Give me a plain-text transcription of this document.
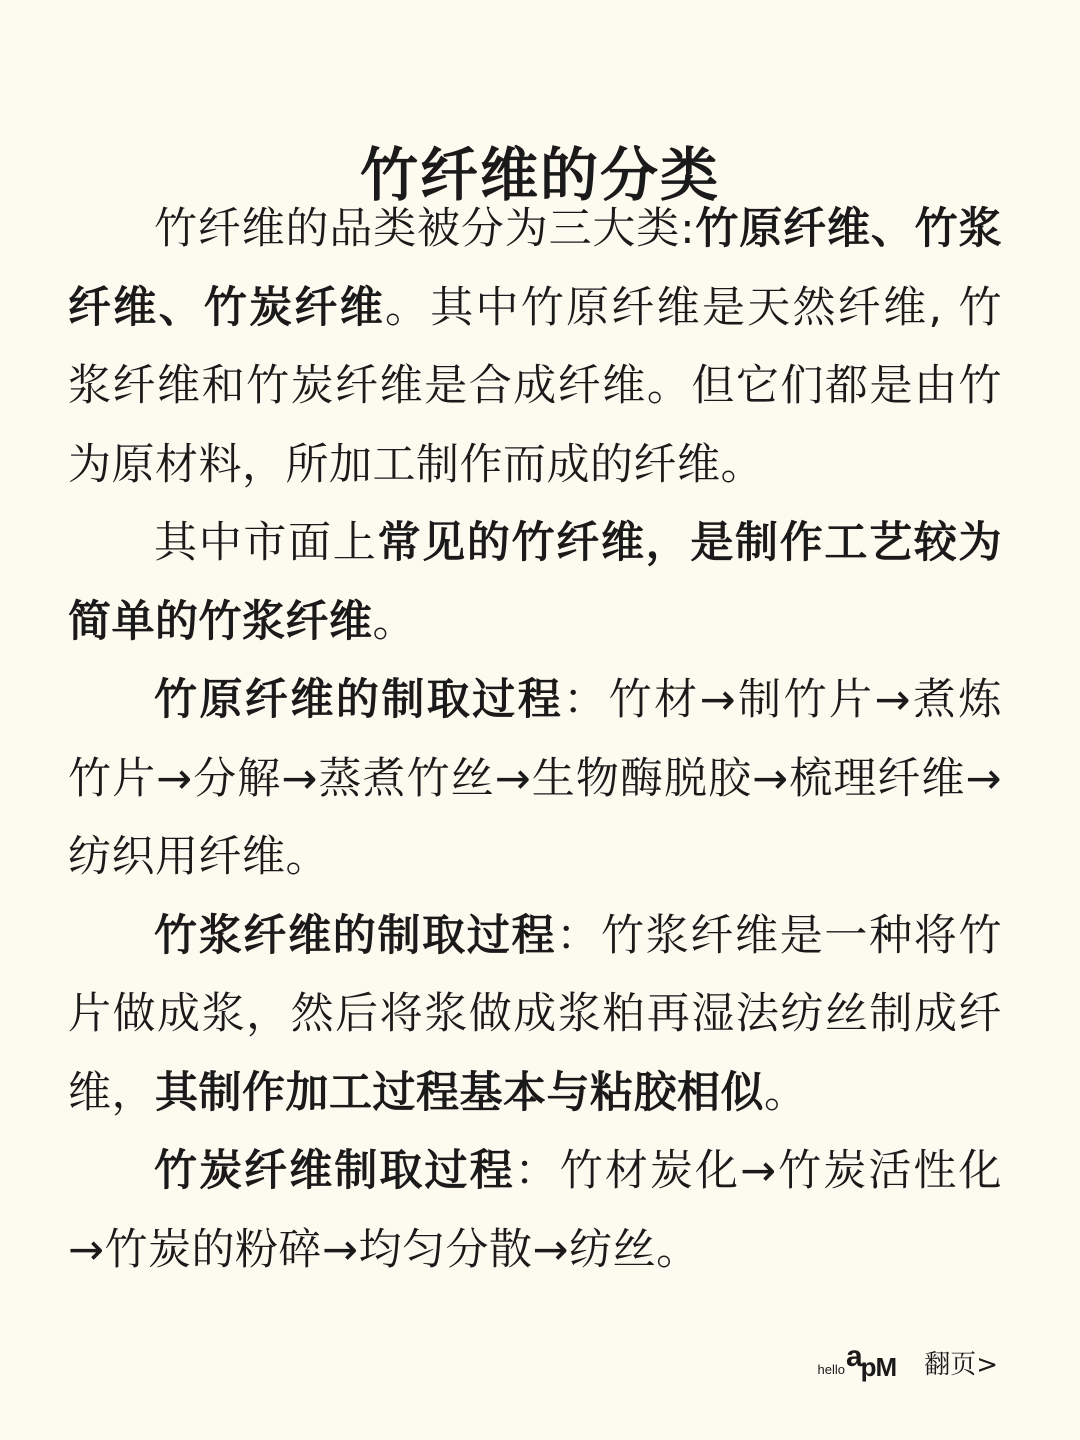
竹纤维的分类

竹纤维的品类被分为三大类:竹原纤维、竹浆纤维、竹炭纤维。其中竹原纤维是天然纤维, 竹浆纤维和竹炭纤维是合成纤维。但它们都是由竹为原材料，所加工制作而成的纤维。

其中市面上常见的竹纤维，是制作工艺较为简单的竹浆纤维。

竹原纤维的制取过程：竹材→制竹片→煮炼竹片→分解→蒸煮竹丝→生物酶脱胶→梳理纤维→纺织用纤维。

竹浆纤维的制取过程：竹浆纤维是一种将竹片做成浆，然后将浆做成浆粕再湿法纺丝制成纤维，其制作加工过程基本与粘胶相似。

竹炭纤维制取过程：竹材炭化→竹炭活性化→竹炭的粉碎→均匀分散→纺丝。

hello a pM 翻页>
